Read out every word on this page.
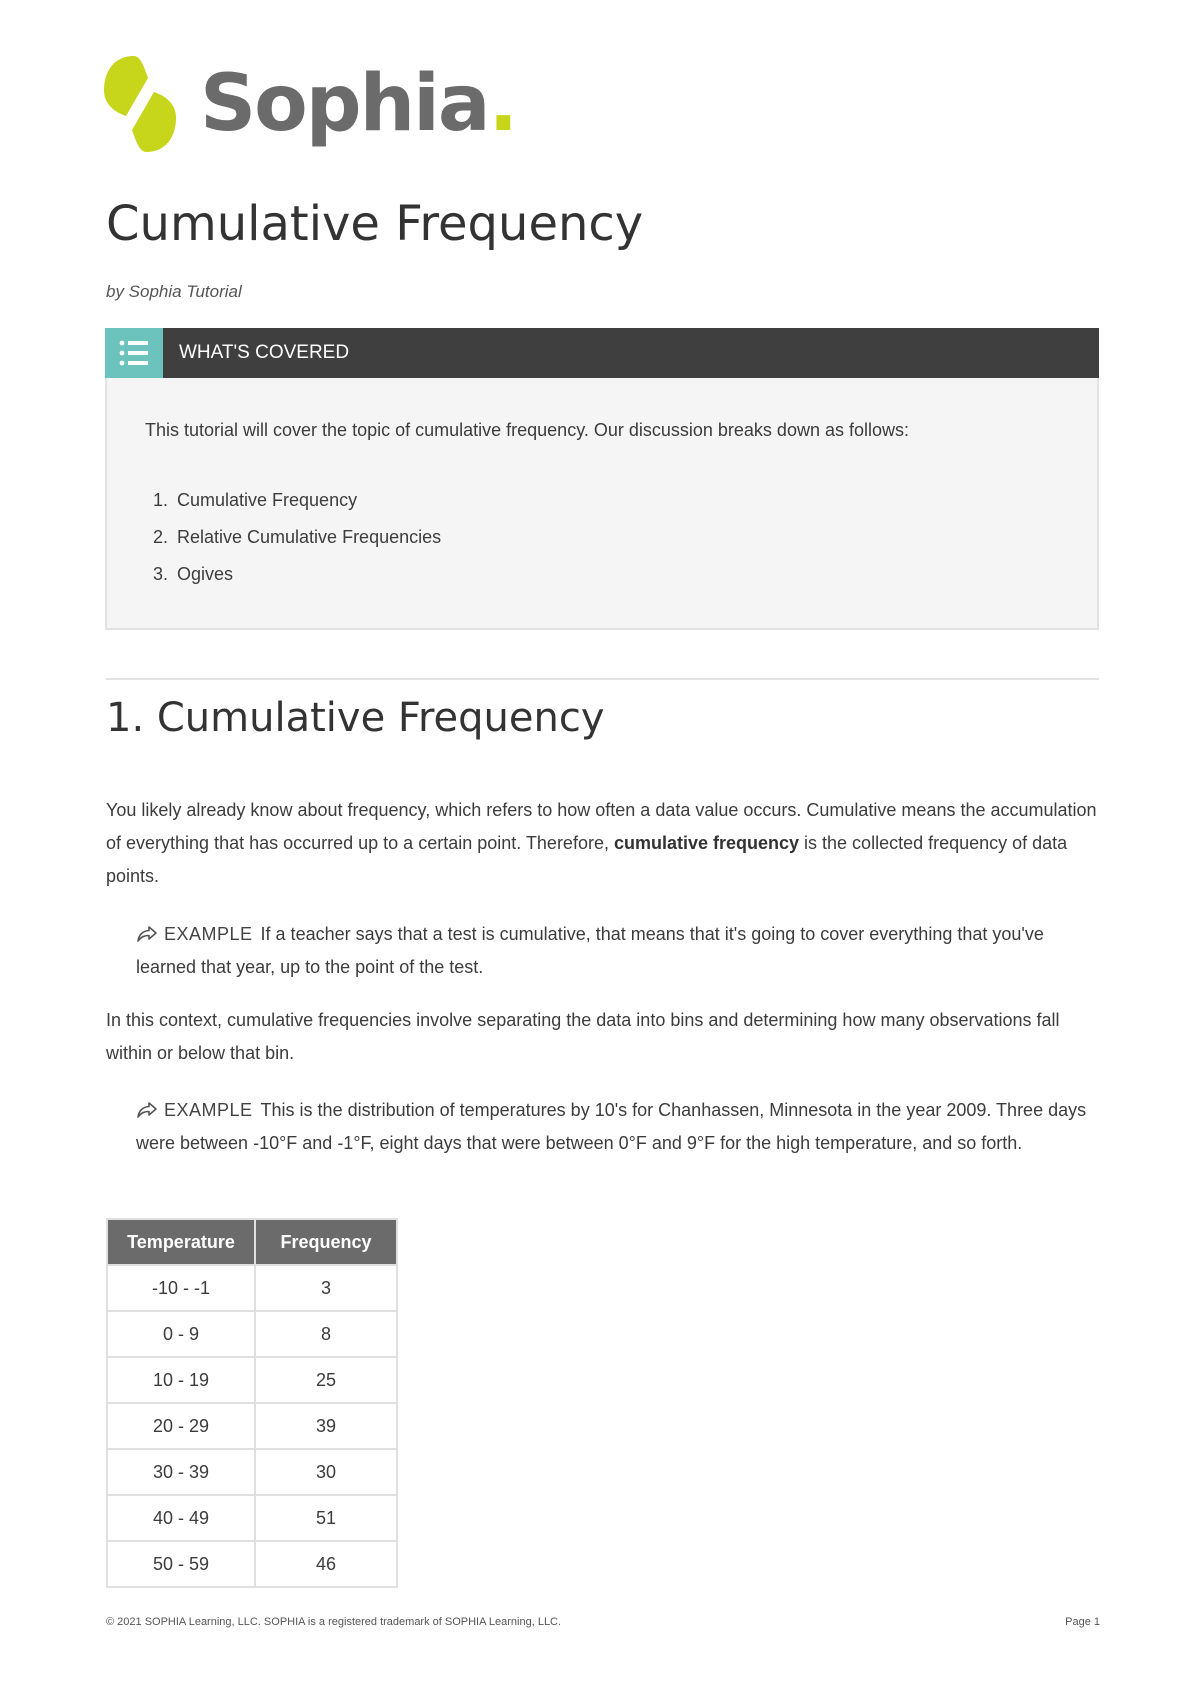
Sophia.
Cumulative Frequency
by Sophia Tutorial
WHAT'S COVERED
This tutorial will cover the topic of cumulative frequency. Our discussion breaks down as follows:
1. Cumulative Frequency
2. Relative Cumulative Frequencies
3. Ogives
1. Cumulative Frequency

You likely already know about frequency, which refers to how often a data value occurs. Cumulative means the accumulation of everything that has occurred up to a certain point. Therefore, cumulative frequency is the collected frequency of data points.

EXAMPLE If a teacher says that a test is cumulative, that means that it's going to cover everything that you've learned that year, up to the point of the test.

In this context, cumulative frequencies involve separating the data into bins and determining how many observations fall within or below that bin.

EXAMPLE This is the distribution of temperatures by 10's for Chanhassen, Minnesota in the year 2009. Three days were between -10°F and -1°F, eight days that were between 0°F and 9°F for the high temperature, and so forth.

Temperature	Frequency
-10 - -1	3
0 - 9	8
10 - 19	25
20 - 29	39
30 - 39	30
40 - 49	51
50 - 59	46
© 2021 SOPHIA Learning, LLC. SOPHIA is a registered trademark of SOPHIA Learning, LLC.	Page 1
